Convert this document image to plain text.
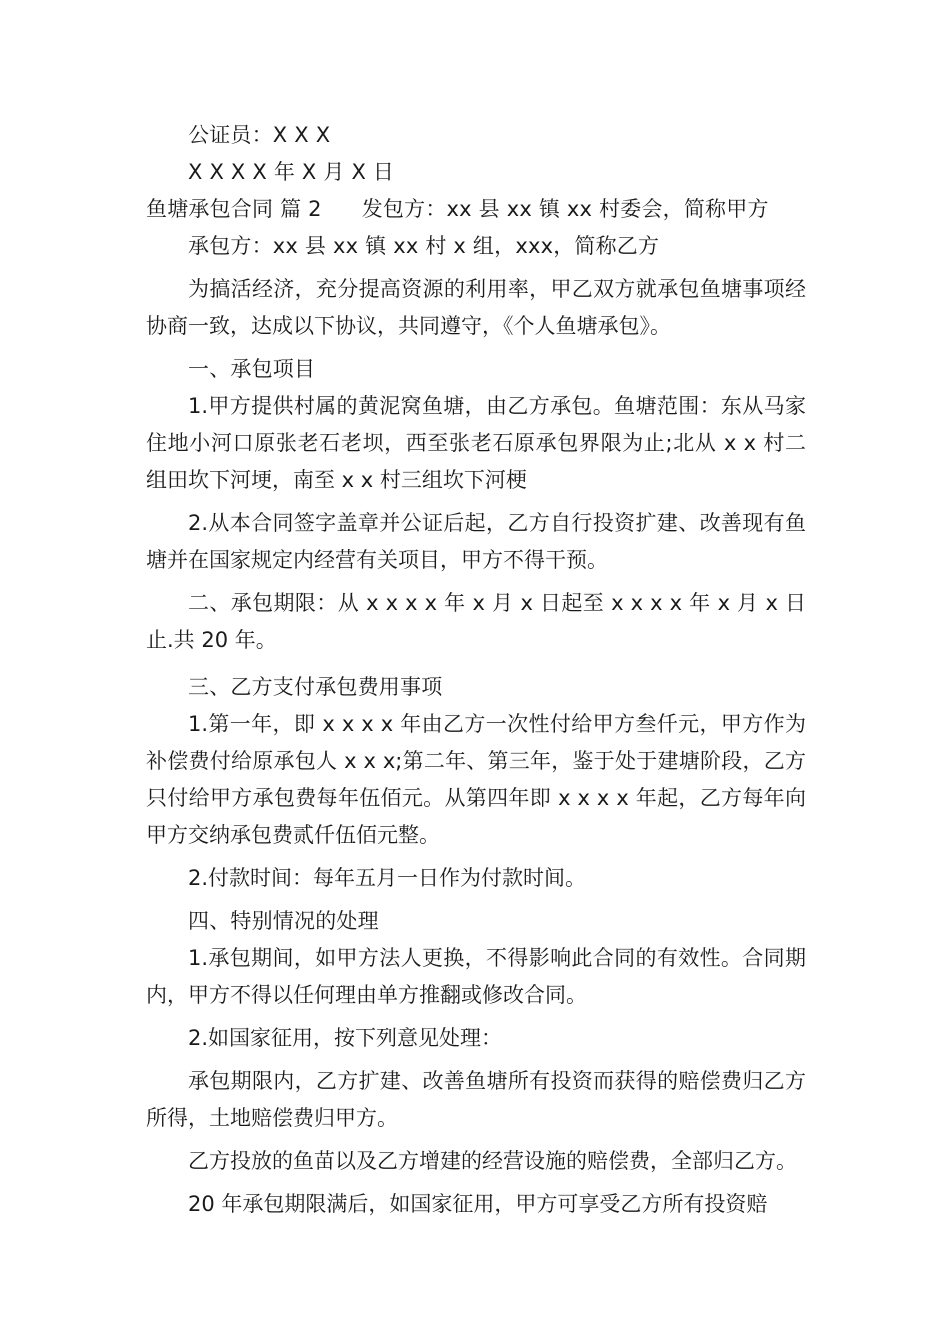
公证员：X X X

X X X X 年 X 月 X 日

鱼塘承包合同 篇 2 发包方：xx 县 xx 镇 xx 村委会，简称甲方

承包方：xx 县 xx 镇 xx 村 x 组，xxx，简称乙方

为搞活经济，充分提高资源的利用率，甲乙双方就承包鱼塘事项经协商一致，达成以下协议，共同遵守，《个人鱼塘承包》。

一、承包项目

1.甲方提供村属的黄泥窝鱼塘，由乙方承包。鱼塘范围：东从马家住地小河口原张老石老坝，西至张老石原承包界限为止;北从 x x 村二组田坎下河埂，南至 x x 村三组坎下河梗

2.从本合同签字盖章并公证后起，乙方自行投资扩建、改善现有鱼塘并在国家规定内经营有关项目，甲方不得干预。

二、承包期限：从 x x x x 年 x 月 x 日起至 x x x x 年 x 月 x 日止.共 20 年。

三、乙方支付承包费用事项

1.第一年，即 x x x x 年由乙方一次性付给甲方叁仟元，甲方作为补偿费付给原承包人 x x x;第二年、第三年，鉴于处于建塘阶段，乙方只付给甲方承包费每年伍佰元。从第四年即 x x x x 年起，乙方每年向甲方交纳承包费贰仟伍佰元整。

2.付款时间：每年五月一日作为付款时间。

四、特别情况的处理

1.承包期间，如甲方法人更换，不得影响此合同的有效性。合同期内，甲方不得以任何理由单方推翻或修改合同。

2.如国家征用，按下列意见处理：

承包期限内，乙方扩建、改善鱼塘所有投资而获得的赔偿费归乙方所得，土地赔偿费归甲方。

乙方投放的鱼苗以及乙方增建的经营设施的赔偿费，全部归乙方。

20 年承包期限满后，如国家征用，甲方可享受乙方所有投资赔
